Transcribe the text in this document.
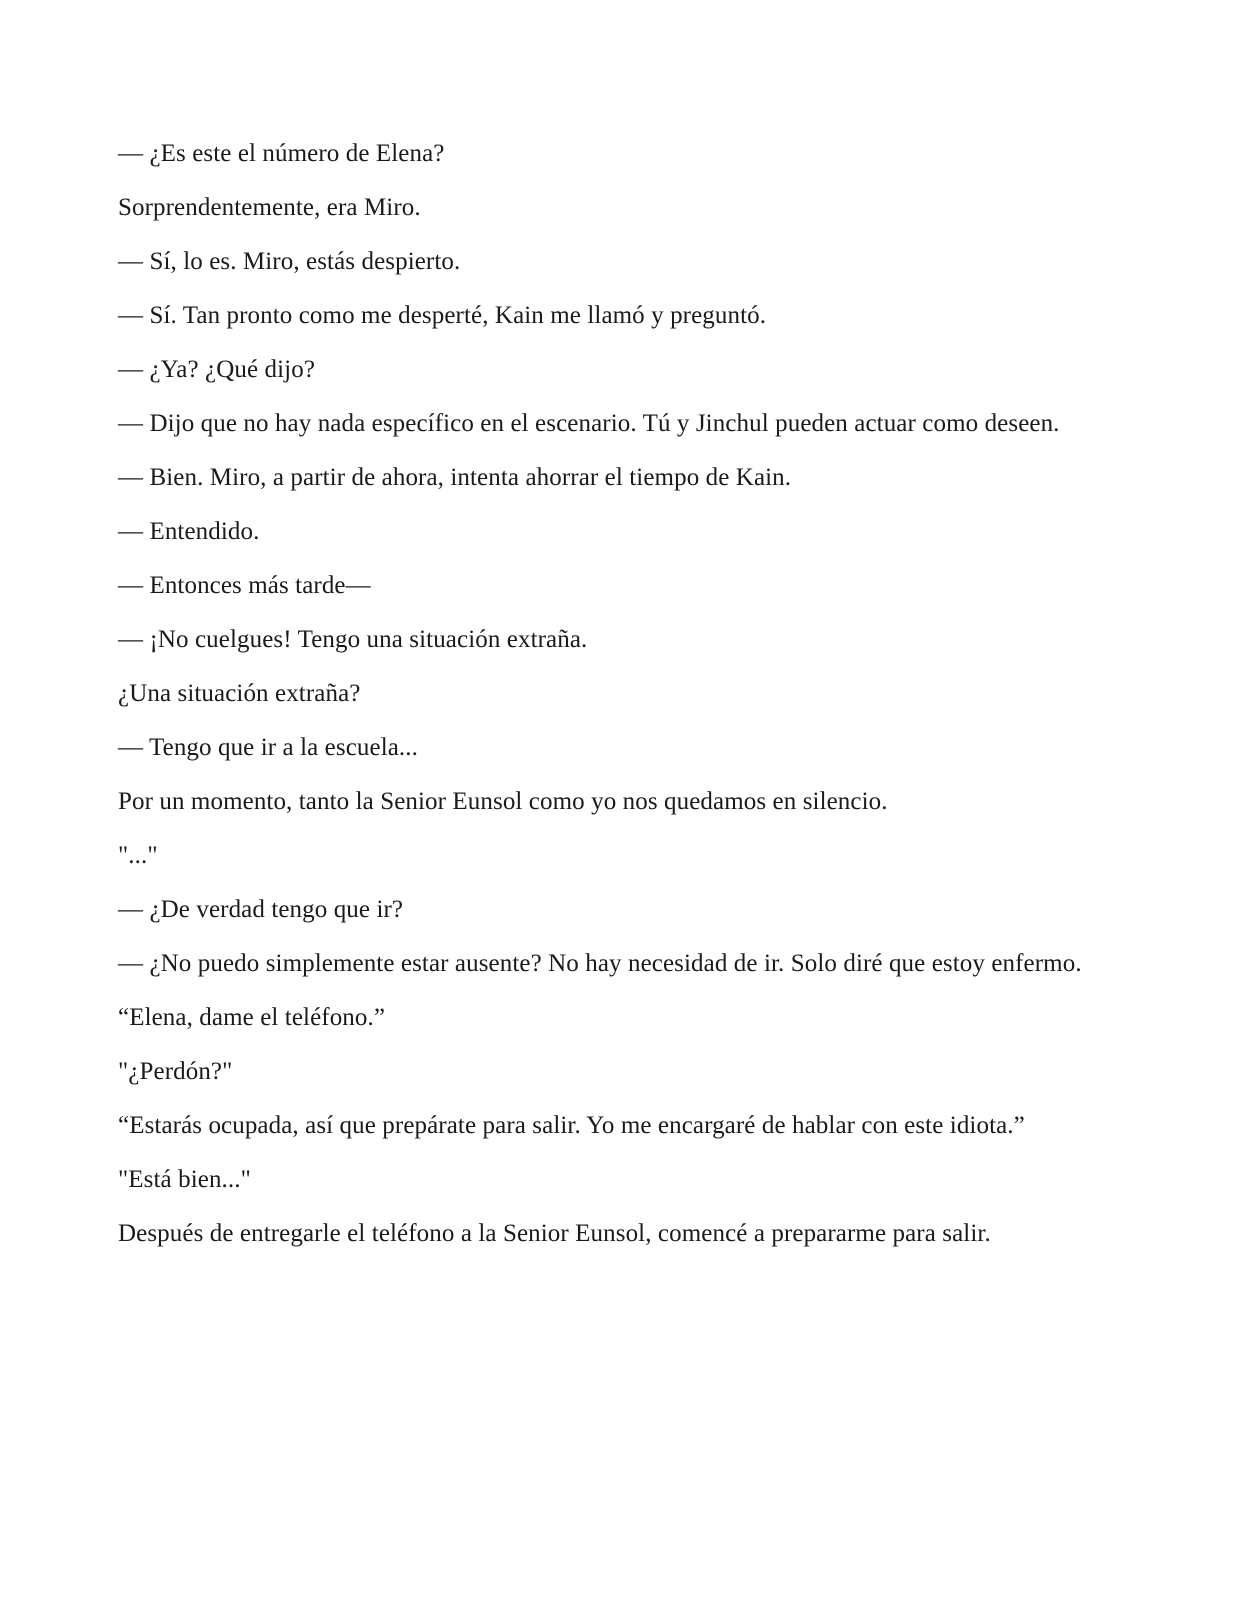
— ¿Es este el número de Elena?

Sorprendentemente, era Miro.

— Sí, lo es. Miro, estás despierto.

— Sí. Tan pronto como me desperté, Kain me llamó y preguntó.

— ¿Ya? ¿Qué dijo?

— Dijo que no hay nada específico en el escenario. Tú y Jinchul pueden actuar como deseen.

— Bien. Miro, a partir de ahora, intenta ahorrar el tiempo de Kain.

— Entendido.

— Entonces más tarde—

— ¡No cuelgues! Tengo una situación extraña.

¿Una situación extraña?

— Tengo que ir a la escuela...

Por un momento, tanto la Senior Eunsol como yo nos quedamos en silencio.

"..."

— ¿De verdad tengo que ir?

— ¿No puedo simplemente estar ausente? No hay necesidad de ir. Solo diré que estoy enfermo.

“Elena, dame el teléfono.”

"¿Perdón?"

“Estarás ocupada, así que prepárate para salir. Yo me encargaré de hablar con este idiota.”

"Está bien..."

Después de entregarle el teléfono a la Senior Eunsol, comencé a prepararme para salir.
